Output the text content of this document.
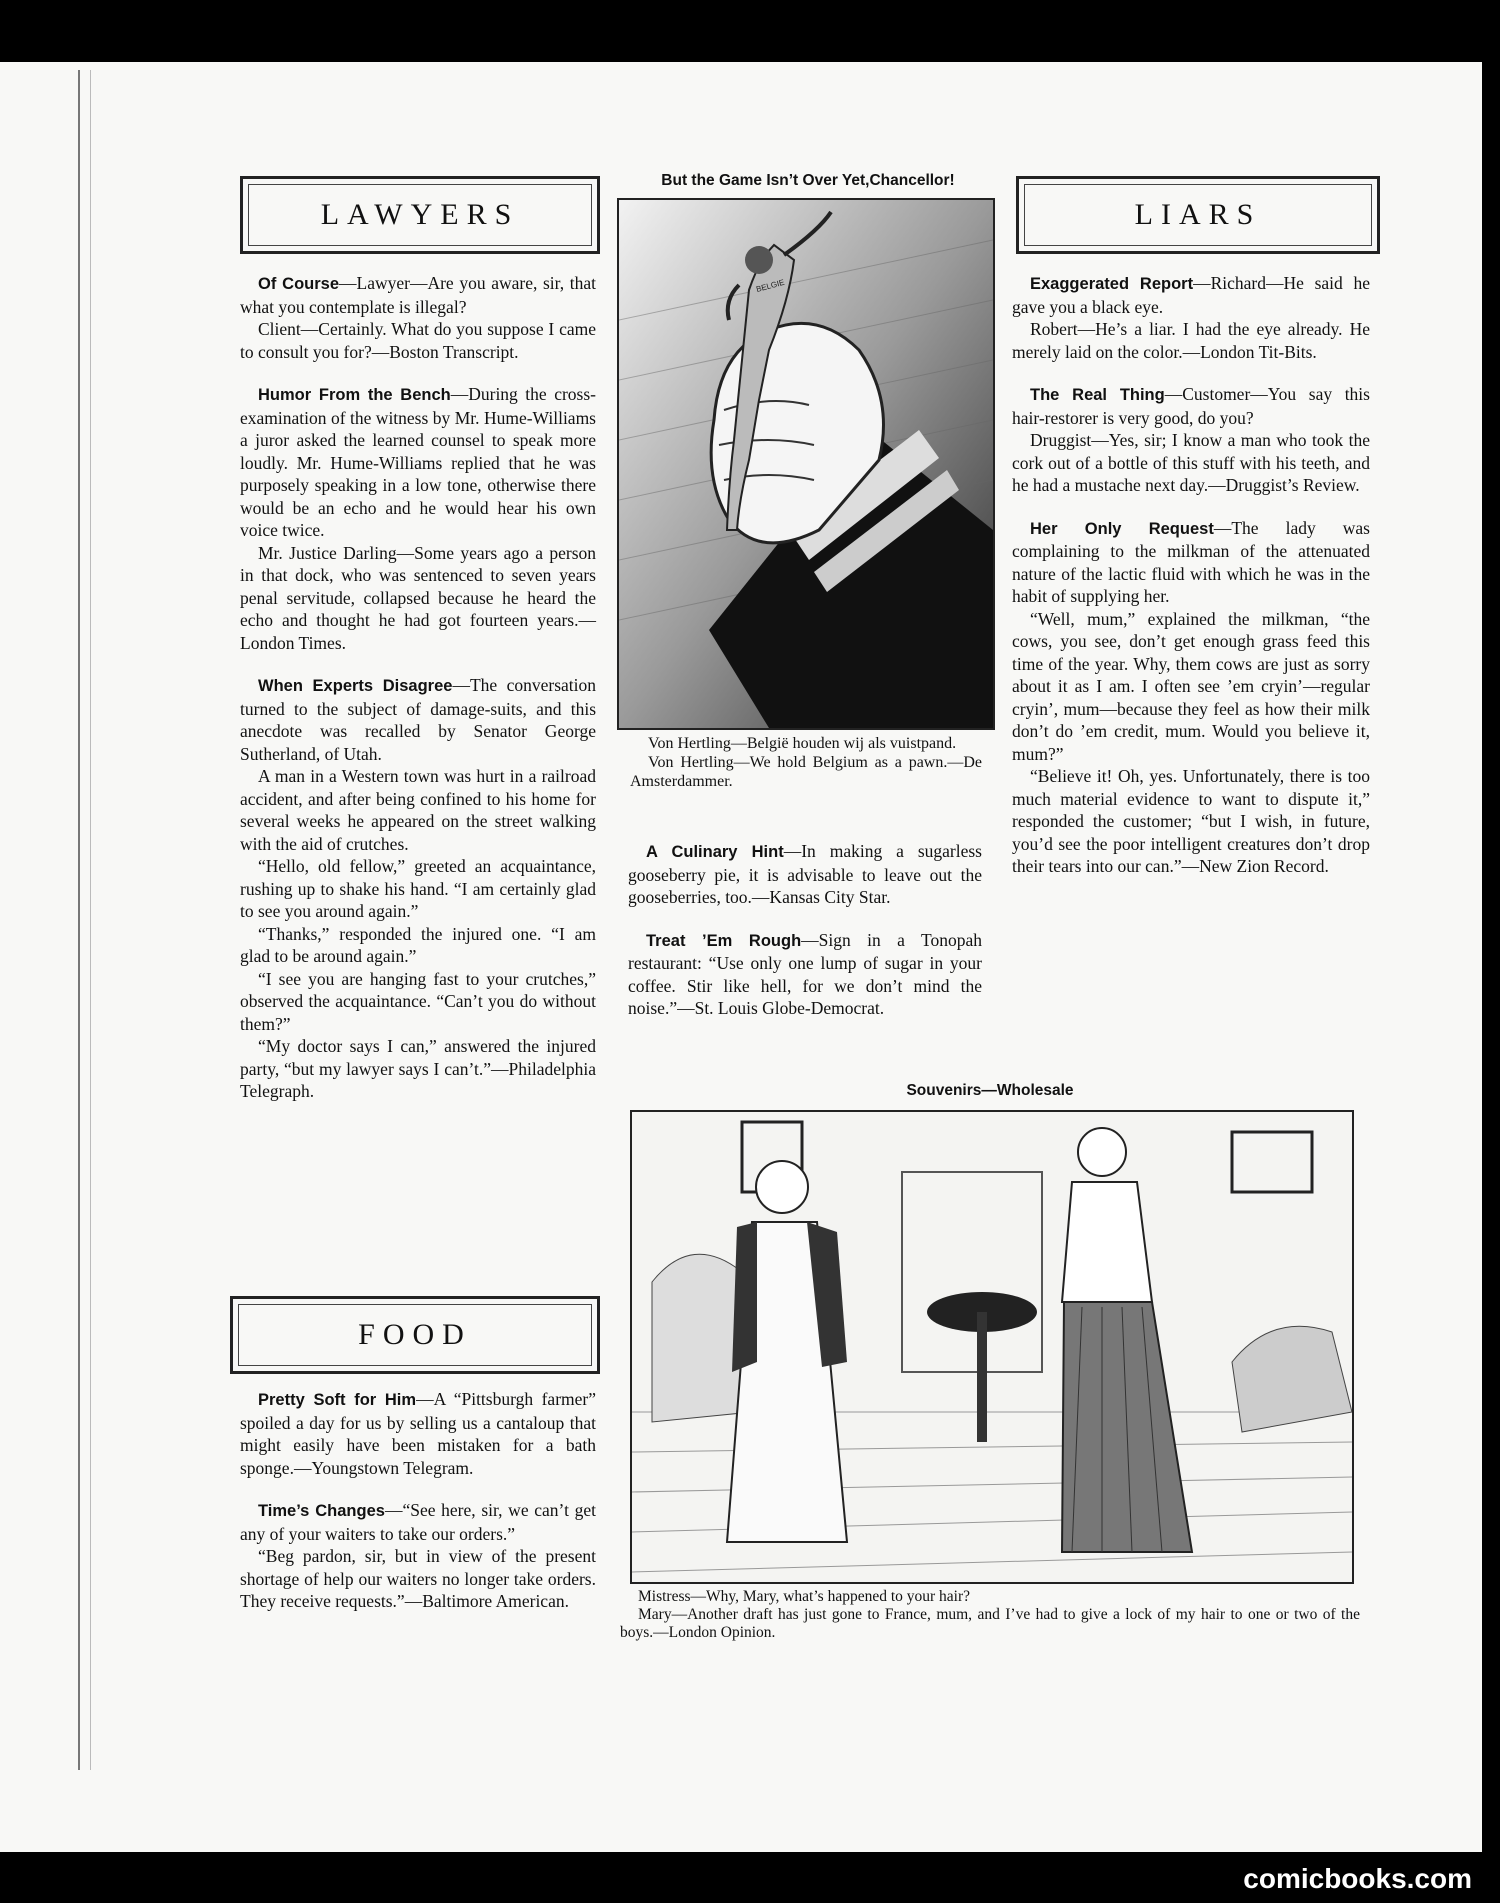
LAWYERS

Of Course—Lawyer—Are you aware, sir, that what you contemplate is illegal?

Client—Certainly. What do you suppose I came to consult you for?—Boston Transcript.

Humor From the Bench—During the cross-examination of the witness by Mr. Hume-Williams a juror asked the learned counsel to speak more loudly. Mr. Hume-Williams replied that he was purposely speaking in a low tone, otherwise there would be an echo and he would hear his own voice twice.

Mr. Justice Darling—Some years ago a person in that dock, who was sentenced to seven years penal servitude, collapsed because he heard the echo and thought he had got fourteen years.—London Times.

When Experts Disagree—The conversation turned to the subject of damage-suits, and this anecdote was recalled by Senator George Sutherland, of Utah.

A man in a Western town was hurt in a railroad accident, and after being confined to his home for several weeks he appeared on the street walking with the aid of crutches.

“Hello, old fellow,” greeted an acquaintance, rushing up to shake his hand. “I am certainly glad to see you around again.”

“Thanks,” responded the injured one. “I am glad to be around again.”

“I see you are hanging fast to your crutches,” observed the acquaintance. “Can’t you do without them?”

“My doctor says I can,” answered the injured party, “but my lawyer says I can’t.”—Philadelphia Telegraph.

FOOD

Pretty Soft for Him—A “Pittsburgh farmer” spoiled a day for us by selling us a cantaloup that might easily have been mistaken for a bath sponge.—Youngstown Telegram.

Time’s Changes—“See here, sir, we can’t get any of your waiters to take our orders.”

“Beg pardon, sir, but in view of the present shortage of help our waiters no longer take orders. They receive requests.”—Baltimore American.

But the Game Isn’t Over Yet,Chancellor!
BELGIE

Von Hertling—België houden wij als vuistpand.

Von Hertling—We hold Belgium as a pawn.—De Amsterdammer.

A Culinary Hint—In making a sugarless gooseberry pie, it is advisable to leave out the gooseberries, too.—Kansas City Star.

Treat ’Em Rough—Sign in a Tonopah restaurant: “Use only one lump of sugar in your coffee. Stir like hell, for we don’t mind the noise.”—St. Louis Globe-Democrat.

LIARS

Exaggerated Report—Richard—He said he gave you a black eye.

Robert—He’s a liar. I had the eye already. He merely laid on the color.—London Tit-Bits.

The Real Thing—Customer—You say this hair-restorer is very good, do you?

Druggist—Yes, sir; I know a man who took the cork out of a bottle of this stuff with his teeth, and he had a mustache next day.—Druggist’s Review.

Her Only Request—The lady was complaining to the milkman of the attenuated nature of the lactic fluid with which he was in the habit of supplying her.

“Well, mum,” explained the milkman, “the cows, you see, don’t get enough grass feed this time of the year. Why, them cows are just as sorry about it as I am. I often see ’em cryin’—regular cryin’, mum—because they feel as how their milk don’t do ’em credit, mum. Would you believe it, mum?”

“Believe it! Oh, yes. Unfortunately, there is too much material evidence to want to dispute it,” responded the customer; “but I wish, in future, you’d see the poor intelligent creatures don’t drop their tears into our can.”—New Zion Record.

Souvenirs—Wholesale

Mistress—Why, Mary, what’s happened to your hair?

Mary—Another draft has just gone to France, mum, and I’ve had to give a lock of my hair to one or two of the boys.—London Opinion.

comicbooks.com
